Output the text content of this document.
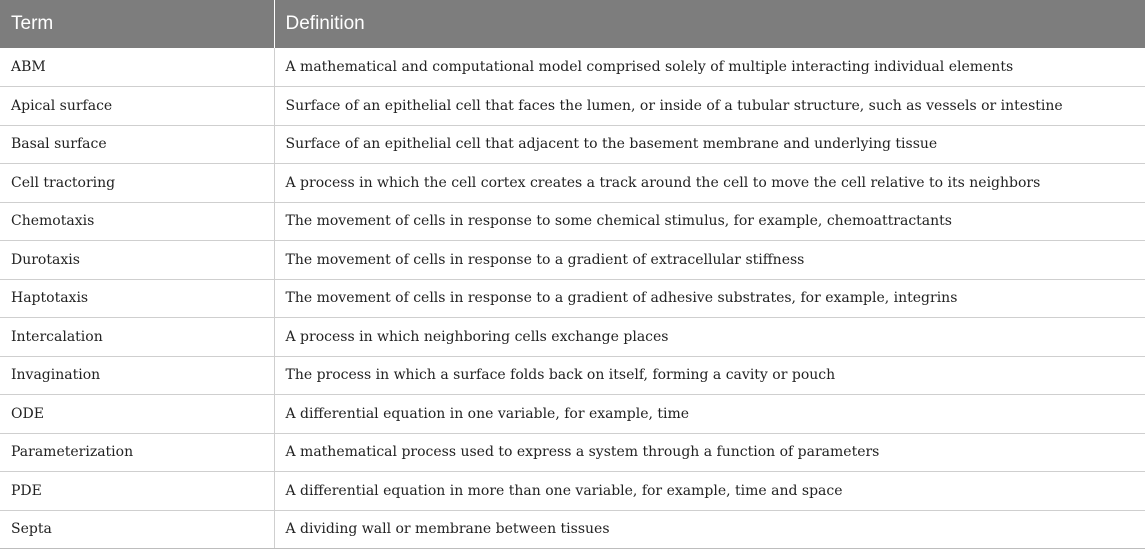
Term	Definition
ABM	A mathematical and computational model comprised solely of multiple interacting individual elements
Apical surface	Surface of an epithelial cell that faces the lumen, or inside of a tubular structure, such as vessels or intestine
Basal surface	Surface of an epithelial cell that adjacent to the basement membrane and underlying tissue
Cell tractoring	A process in which the cell cortex creates a track around the cell to move the cell relative to its neighbors
Chemotaxis	The movement of cells in response to some chemical stimulus, for example, chemoattractants
Durotaxis	The movement of cells in response to a gradient of extracellular stiffness
Haptotaxis	The movement of cells in response to a gradient of adhesive substrates, for example, integrins
Intercalation	A process in which neighboring cells exchange places
Invagination	The process in which a surface folds back on itself, forming a cavity or pouch
ODE	A differential equation in one variable, for example, time
Parameterization	A mathematical process used to express a system through a function of parameters
PDE	A differential equation in more than one variable, for example, time and space
Septa	A dividing wall or membrane between tissues
